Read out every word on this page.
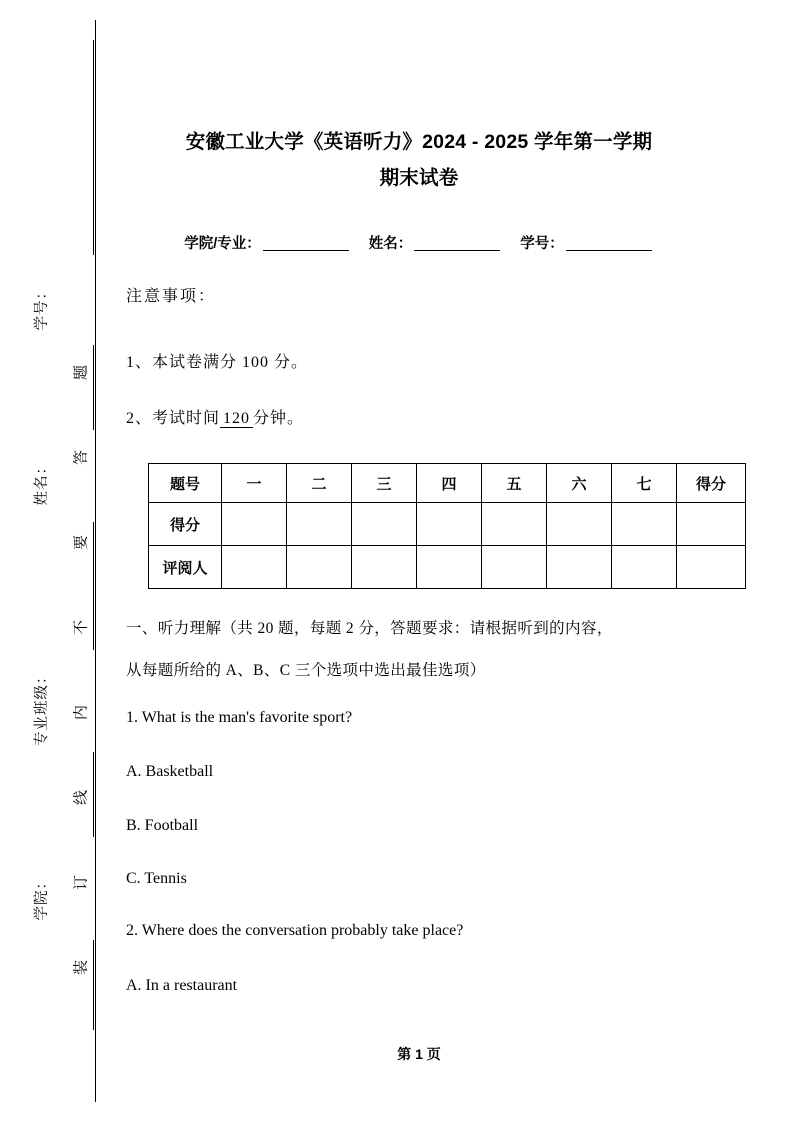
学号：
姓名：
专业班级：
学院：
题
答
要
不
内
线
订
装
安徽工业大学《英语听力》2024 - 2025 学年第一学期
期末试卷
学院/专业：	姓名：	学号：
注意事项：
1、本试卷满分 100 分。
2、考试时间 120 分钟。
题号	一	二	三	四	五	六	七	得分
得分								
评阅人								
一、听力理解（共 20 题，每题 2 分，答题要求：请根据听到的内容，
从每题所给的 A、B、C 三个选项中选出最佳选项）
1. What is the man's favorite sport?
A. Basketball
B. Football
C. Tennis
2. Where does the conversation probably take place?
A. In a restaurant
第 1 页
